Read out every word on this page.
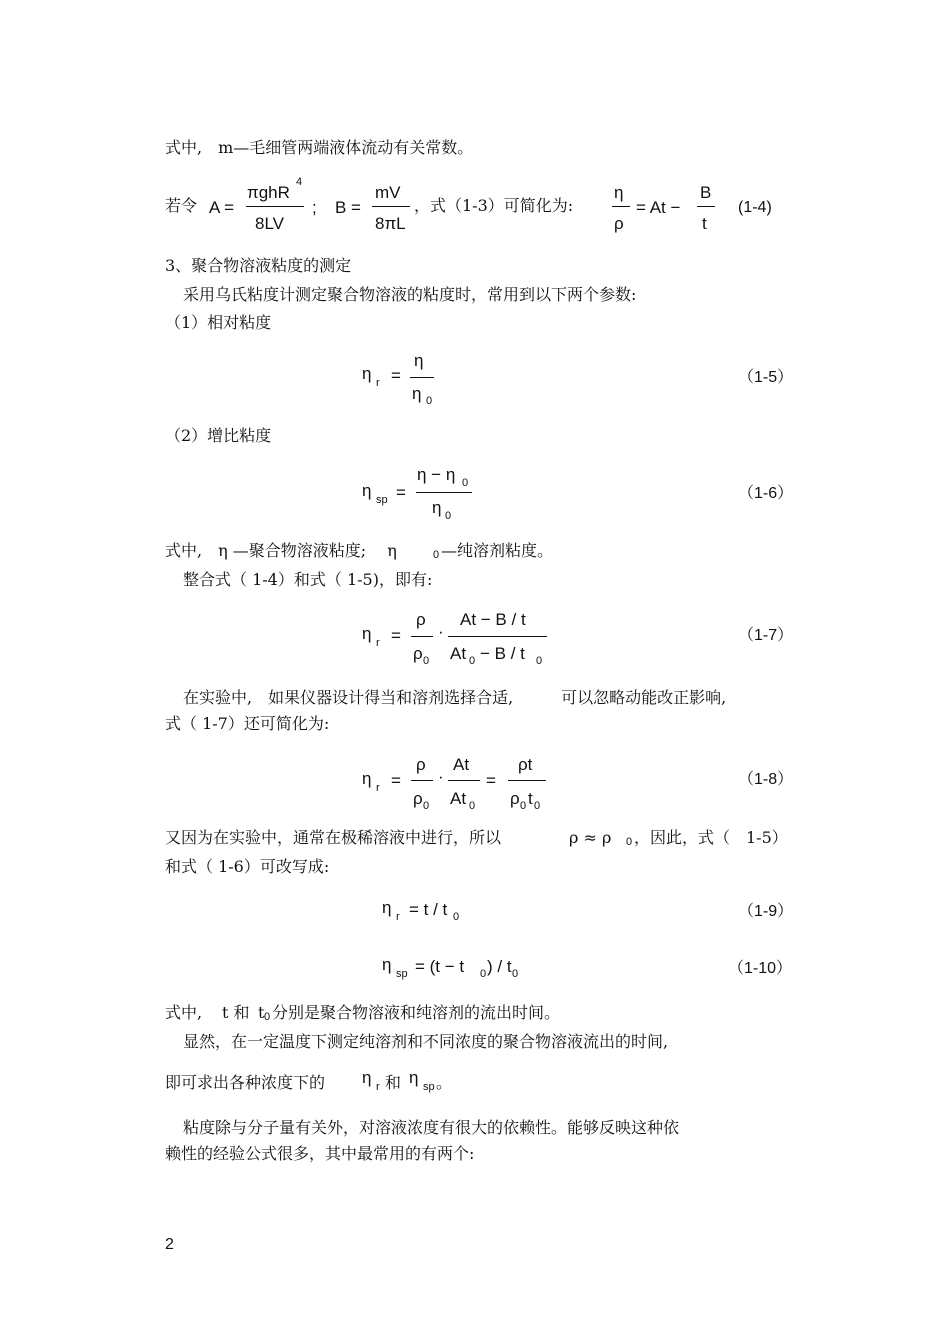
式中,　m—毛细管两端液体流动有关常数。
若令 A =
πghR
4
8LV
; B =
mV
8πL
，式（1-3）可简化为:
η
ρ
= At −
B
t
(1-4)
3、聚合物溶液粘度的测定
采用乌氏粘度计测定聚合物溶液的粘度时，常用到以下两个参数:
（1）相对粘度
η r =
η
η 0
（1-5）
（2）增比粘度
η sp =
η − η 0
η 0
（1-6）
式中,　η —聚合物溶液粘度;　 η	0 —纯溶剂粘度。
整合式（ 1-4）和式（ 1-5)，即有:
η r =
ρ
ρ 0
·
At − B / t
At 0 − B / t 0
（1-7）
在实验中,　如果仪器设计得当和溶剂选择合适,　　　可以忽略动能改正影响,
式（ 1-7）还可简化为:
η r =
ρ
ρ 0
·
At
At 0
=
ρt
ρ 0 t 0
（1-8）
又因为在实验中，通常在极稀溶液中进行，所以	ρ ≈ ρ 0 ，因此，式（　1-5）
和式（ 1-6）可改写成:
η r = t / t 0	（1-9）
η sp = (t − t 0 ) / t 0	（1-10）
式中, t 和 t 0 分别是聚合物溶液和纯溶剂的流出时间。
显然，在一定温度下测定纯溶剂和不同浓度的聚合物溶液流出的时间,
即可求出各种浓度下的 η r 和 η sp 。
粘度除与分子量有关外，对溶液浓度有很大的依赖性。能够反映这种依
赖性的经验公式很多，其中最常用的有两个:
2
